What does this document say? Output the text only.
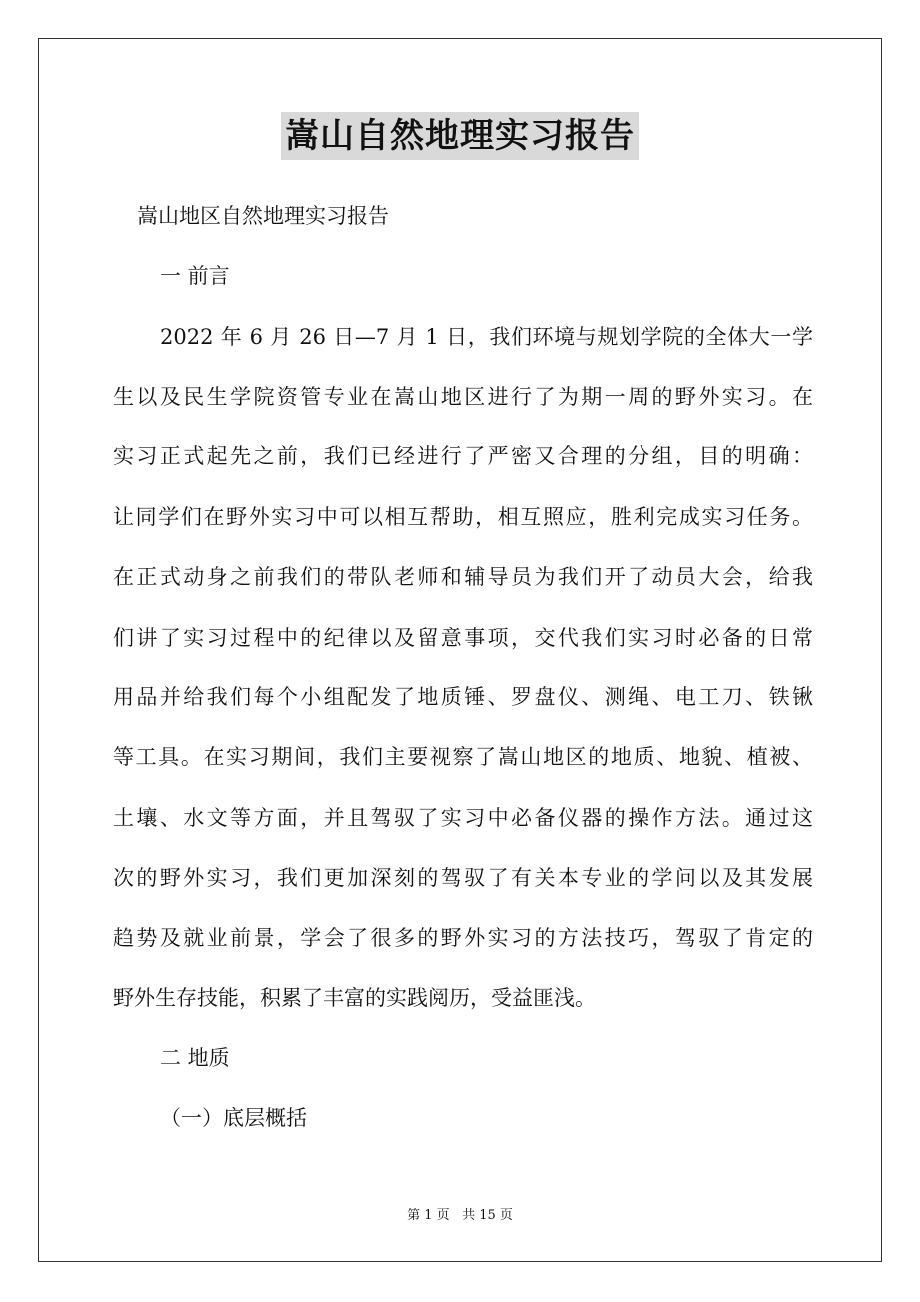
嵩山自然地理实习报告
嵩山地区自然地理实习报告
一 前言
2022 年 6 月 26 日—7 月 1 日，我们环境与规划学院的全体大一学
生以及民生学院资管专业在嵩山地区进行了为期一周的野外实习。在
实习正式起先之前，我们已经进行了严密又合理的分组，目的明确：
让同学们在野外实习中可以相互帮助，相互照应，胜利完成实习任务。
在正式动身之前我们的带队老师和辅导员为我们开了动员大会，给我
们讲了实习过程中的纪律以及留意事项，交代我们实习时必备的日常
用品并给我们每个小组配发了地质锤、罗盘仪、测绳、电工刀、铁锹
等工具。在实习期间，我们主要视察了嵩山地区的地质、地貌、植被、
土壤、水文等方面，并且驾驭了实习中必备仪器的操作方法。通过这
次的野外实习，我们更加深刻的驾驭了有关本专业的学问以及其发展
趋势及就业前景，学会了很多的野外实习的方法技巧，驾驭了肯定的
野外生存技能，积累了丰富的实践阅历，受益匪浅。
二 地质
（一）底层概括
第 1 页 共 15 页
